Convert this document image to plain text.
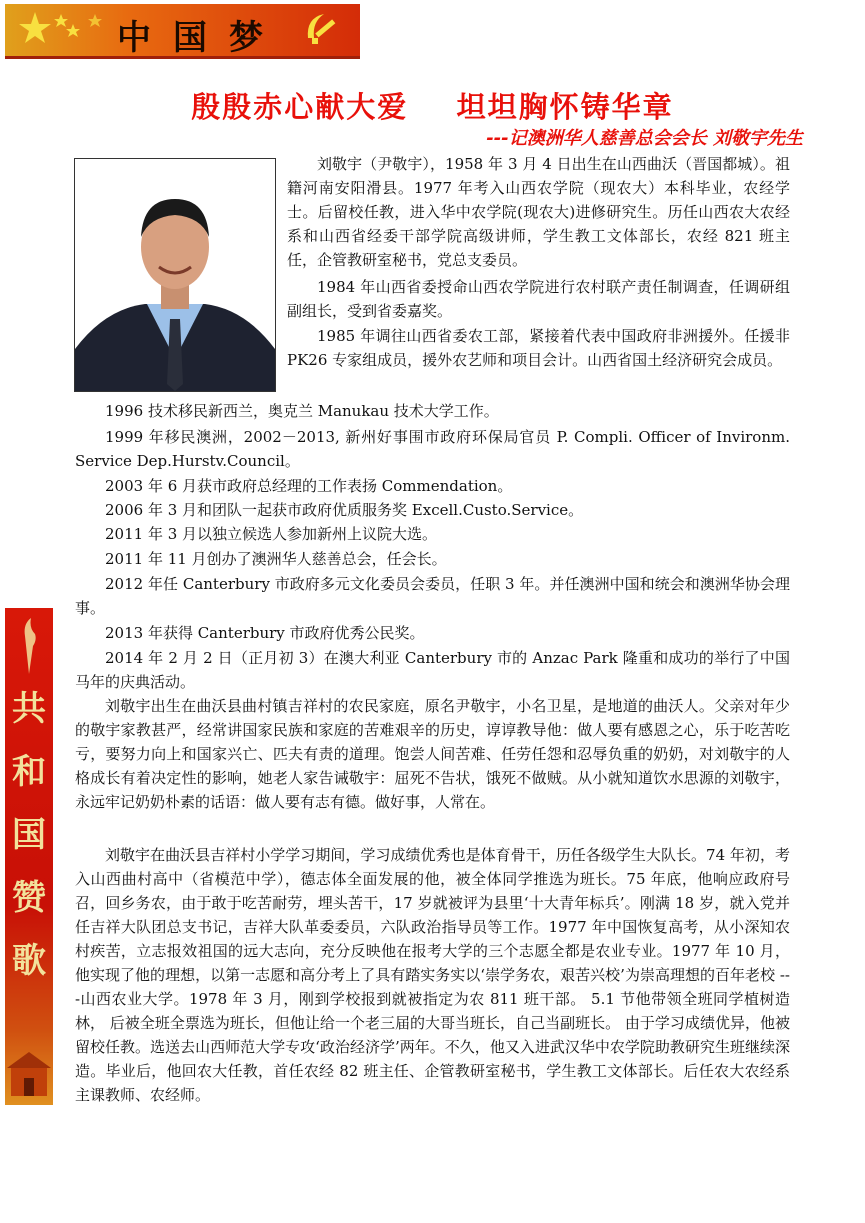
中国梦
共和国赞歌
殷殷赤心献大爱    坦坦胸怀铸华章
---记澳洲华人慈善总会会长 刘敬宇先生

刘敬宇（尹敬宇），1958 年 3 月 4 日出生在山西曲沃（晋国都城）。祖籍河南安阳滑县。1977 年考入山西农学院（现农大）本科毕业，农经学士。后留校任教，进入华中农学院(现农大)进修研究生。历任山西农大农经系和山西省经委干部学院高级讲师，学生教工文体部长，农经 821 班主任，企管教研室秘书，党总支委员。

1984 年山西省委授命山西农学院进行农村联产责任制调查，任调研组副组长，受到省委嘉奖。

1985 年调往山西省委农工部，紧接着代表中国政府非洲援外。任援非 PK26 专家组成员，援外农艺师和项目会计。山西省国土经济研究会成员。

1996 技术移民新西兰，奥克兰 Manukau 技术大学工作。

1999 年移民澳洲，2002－2013, 新州好事围市政府环保局官员 P. Compli. Officer of Invironm. Service Dep.Hurstv.Council。

2003 年 6 月获市政府总经理的工作表扬 Commendation。

2006 年 3 月和团队一起获市政府优质服务奖 Excell.Custo.Service。

2011 年 3 月以独立候选人参加新州上议院大选。

2011 年 11 月创办了澳洲华人慈善总会，任会长。

2012 年任 Canterbury 市政府多元文化委员会委员，任职 3 年。并任澳洲中国和统会和澳洲华协会理事。

2013 年获得 Canterbury 市政府优秀公民奖。

2014 年 2 月 2 日（正月初 3）在澳大利亚 Canterbury 市的 Anzac Park 隆重和成功的举行了中国马年的庆典活动。

刘敬宇出生在曲沃县曲村镇吉祥村的农民家庭，原名尹敬宇，小名卫星，是地道的曲沃人。父亲对年少的敬宇家教甚严，经常讲国家民族和家庭的苦难艰辛的历史，谆谆教导他：做人要有感恩之心，乐于吃苦吃亏，要努力向上和国家兴亡、匹夫有责的道理。饱尝人间苦难、任劳任怨和忍辱负重的奶奶，对刘敬宇的人格成长有着决定性的影响，她老人家告诫敬宇：屈死不告状，饿死不做贼。从小就知道饮水思源的刘敬宇，永远牢记奶奶朴素的话语：做人要有志有德。做好事，人常在。

刘敬宇在曲沃县吉祥村小学学习期间，学习成绩优秀也是体育骨干，历任各级学生大队长。74 年初，考入山西曲村高中（省模范中学），德志体全面发展的他，被全体同学推选为班长。75 年底，他响应政府号召，回乡务农，由于敢于吃苦耐劳，埋头苦干，17 岁就被评为县里‘十大青年标兵’。刚满 18 岁，就入党并任吉祥大队团总支书记，吉祥大队革委委员，六队政治指导员等工作。1977 年中国恢复高考，从小深知农村疾苦，立志报效祖国的远大志向，充分反映他在报考大学的三个志愿全都是农业专业。1977 年 10 月，他实现了他的理想，以第一志愿和高分考上了具有踏实务实以‘崇学务农，艰苦兴校’为崇高理想的百年老校 ---山西农业大学。1978 年 3 月，刚到学校报到就被指定为农 811 班干部。 5.1 节他带领全班同学植树造林， 后被全班全票选为班长，但他让给一个老三届的大哥当班长，自己当副班长。 由于学习成绩优异，他被留校任教。选送去山西师范大学专攻‘政治经济学’两年。不久，他又入进武汉华中农学院助教研究生班继续深造。毕业后，他回农大任教，首任农经 82 班主任、企管教研室秘书，学生教工文体部长。后任农大农经系主课教师、农经师。
